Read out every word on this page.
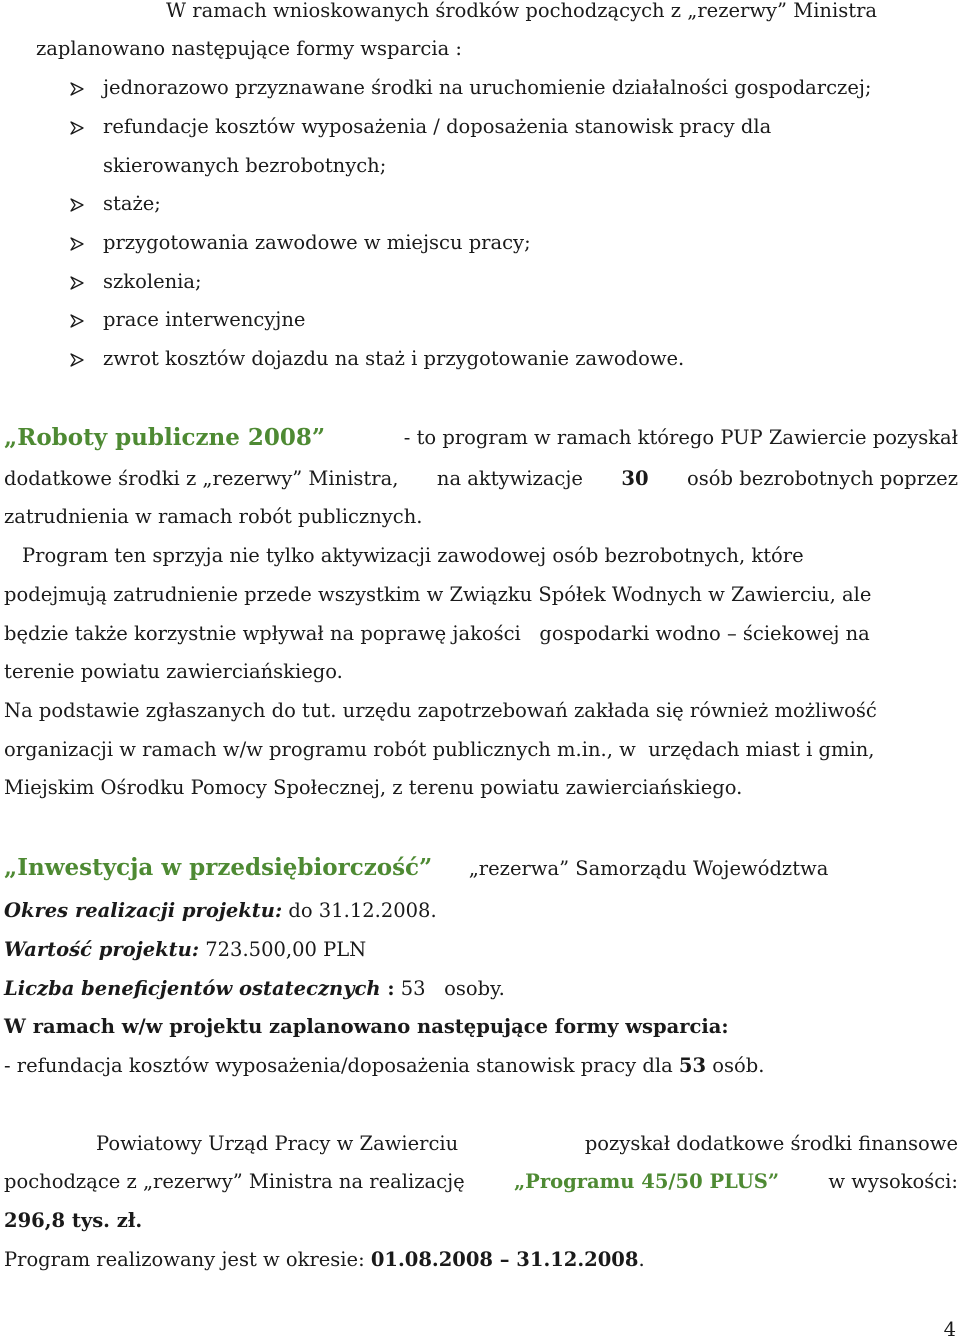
W ramach wnioskowanych środków pochodzących z „rezerwy” Ministra
zaplanowano następujące formy wsparcia :
jednorazowo przyznawane środki na uruchomienie działalności gospodarczej;
refundacje kosztów wyposażenia / doposażenia stanowisk pracy dla
skierowanych bezrobotnych;
staże;
przygotowania zawodowe w miejscu pracy;
szkolenia;
prace interwencyjne
zwrot kosztów dojazdu na staż i przygotowanie zawodowe.
„Roboty publiczne 2008”	- to program w ramach którego PUP Zawiercie pozyskał
dodatkowe środki z „rezerwy” Ministra, na aktywizacje 30 osób bezrobotnych poprzez
zatrudnienia w ramach robót publicznych.
Program ten sprzyja nie tylko aktywizacji zawodowej osób bezrobotnych, które
podejmują zatrudnienie przede wszystkim w Związku Spółek Wodnych w Zawierciu, ale
będzie także korzystnie wpływał na poprawę jakości   gospodarki wodno – ściekowej na
terenie powiatu zawierciańskiego.
Na podstawie zgłaszanych do tut. urzędu zapotrzebowań zakłada się również możliwość
organizacji w ramach w/w programu robót publicznych m.in., w  urzędach miast i gmin,
Miejskim Ośrodku Pomocy Społecznej, z terenu powiatu zawierciańskiego.
„Inwestycja w przedsiębiorczość” „rezerwa” Samorządu Województwa
Okres realizacji projektu: do 31.12.2008.
Wartość projektu: 723.500,00 PLN
Liczba beneficjentów ostatecznych : 53   osoby.
W ramach w/w projektu zaplanowano następujące formy wsparcia:
- refundacja kosztów wyposażenia/doposażenia stanowisk pracy dla 53 osób.
Powiatowy Urząd Pracy w Zawierciu	pozyskał dodatkowe środki finansowe
pochodzące z „rezerwy” Ministra na realizację	„Programu 45/50 PLUS”	w wysokości:
296,8 tys. zł.
Program realizowany jest w okresie: 01.08.2008 – 31.12.2008.
4
